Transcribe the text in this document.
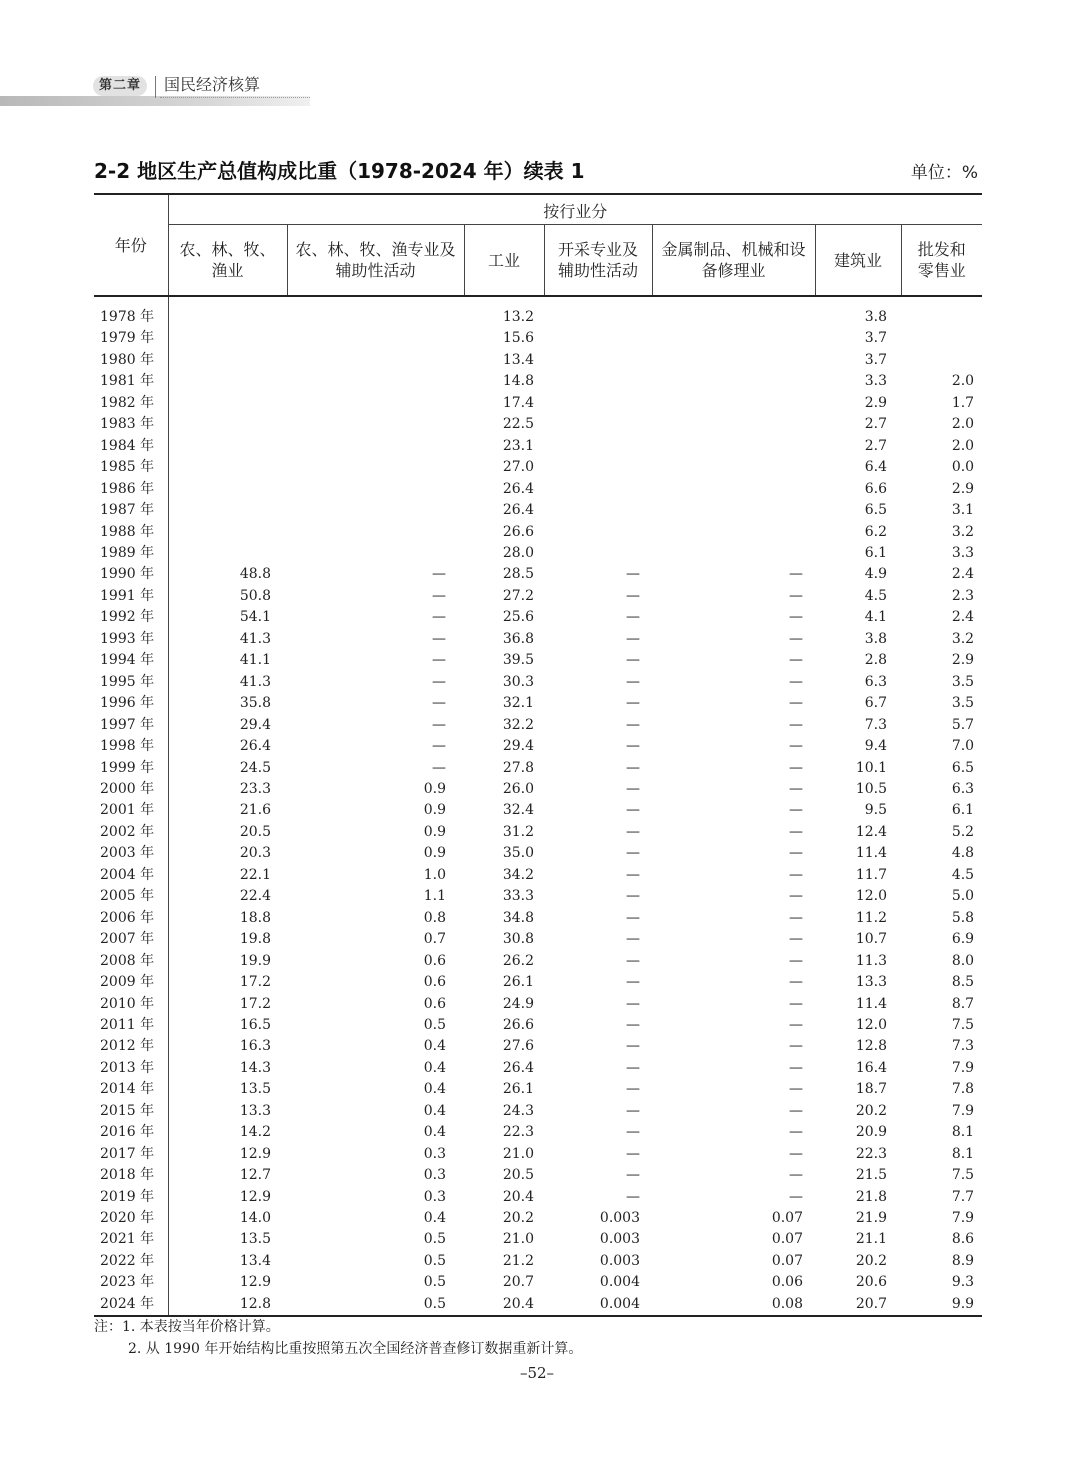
第二章	国民经济核算
2-2 地区生产总值构成比重（1978-2024 年）续表 1	单位：%
年份	按行业分						
	农、林、牧、渔业	农、林、牧、渔专业及辅助性活动	工业	开采专业及辅助性活动	金属制品、机械和设备修理业	建筑业	批发和零售业
1978 年			13.2			3.8	
1979 年			15.6			3.7	
1980 年			13.4			3.7	
1981 年			14.8			3.3	2.0
1982 年			17.4			2.9	1.7
1983 年			22.5			2.7	2.0
1984 年			23.1			2.7	2.0
1985 年			27.0			6.4	0.0
1986 年			26.4			6.6	2.9
1987 年			26.4			6.5	3.1
1988 年			26.6			6.2	3.2
1989 年			28.0			6.1	3.3
1990 年	48.8	—	28.5	—	—	4.9	2.4
1991 年	50.8	—	27.2	—	—	4.5	2.3
1992 年	54.1	—	25.6	—	—	4.1	2.4
1993 年	41.3	—	36.8	—	—	3.8	3.2
1994 年	41.1	—	39.5	—	—	2.8	2.9
1995 年	41.3	—	30.3	—	—	6.3	3.5
1996 年	35.8	—	32.1	—	—	6.7	3.5
1997 年	29.4	—	32.2	—	—	7.3	5.7
1998 年	26.4	—	29.4	—	—	9.4	7.0
1999 年	24.5	—	27.8	—	—	10.1	6.5
2000 年	23.3	0.9	26.0	—	—	10.5	6.3
2001 年	21.6	0.9	32.4	—	—	9.5	6.1
2002 年	20.5	0.9	31.2	—	—	12.4	5.2
2003 年	20.3	0.9	35.0	—	—	11.4	4.8
2004 年	22.1	1.0	34.2	—	—	11.7	4.5
2005 年	22.4	1.1	33.3	—	—	12.0	5.0
2006 年	18.8	0.8	34.8	—	—	11.2	5.8
2007 年	19.8	0.7	30.8	—	—	10.7	6.9
2008 年	19.9	0.6	26.2	—	—	11.3	8.0
2009 年	17.2	0.6	26.1	—	—	13.3	8.5
2010 年	17.2	0.6	24.9	—	—	11.4	8.7
2011 年	16.5	0.5	26.6	—	—	12.0	7.5
2012 年	16.3	0.4	27.6	—	—	12.8	7.3
2013 年	14.3	0.4	26.4	—	—	16.4	7.9
2014 年	13.5	0.4	26.1	—	—	18.7	7.8
2015 年	13.3	0.4	24.3	—	—	20.2	7.9
2016 年	14.2	0.4	22.3	—	—	20.9	8.1
2017 年	12.9	0.3	21.0	—	—	22.3	8.1
2018 年	12.7	0.3	20.5	—	—	21.5	7.5
2019 年	12.9	0.3	20.4	—	—	21.8	7.7
2020 年	14.0	0.4	20.2	0.003	0.07	21.9	7.9
2021 年	13.5	0.5	21.0	0.003	0.07	21.1	8.6
2022 年	13.4	0.5	21.2	0.003	0.07	20.2	8.9
2023 年	12.9	0.5	20.7	0.004	0.06	20.6	9.3
2024 年	12.8	0.5	20.4	0.004	0.08	20.7	9.9
注：1. 本表按当年价格计算。
2. 从 1990 年开始结构比重按照第五次全国经济普查修订数据重新计算。
–52–
